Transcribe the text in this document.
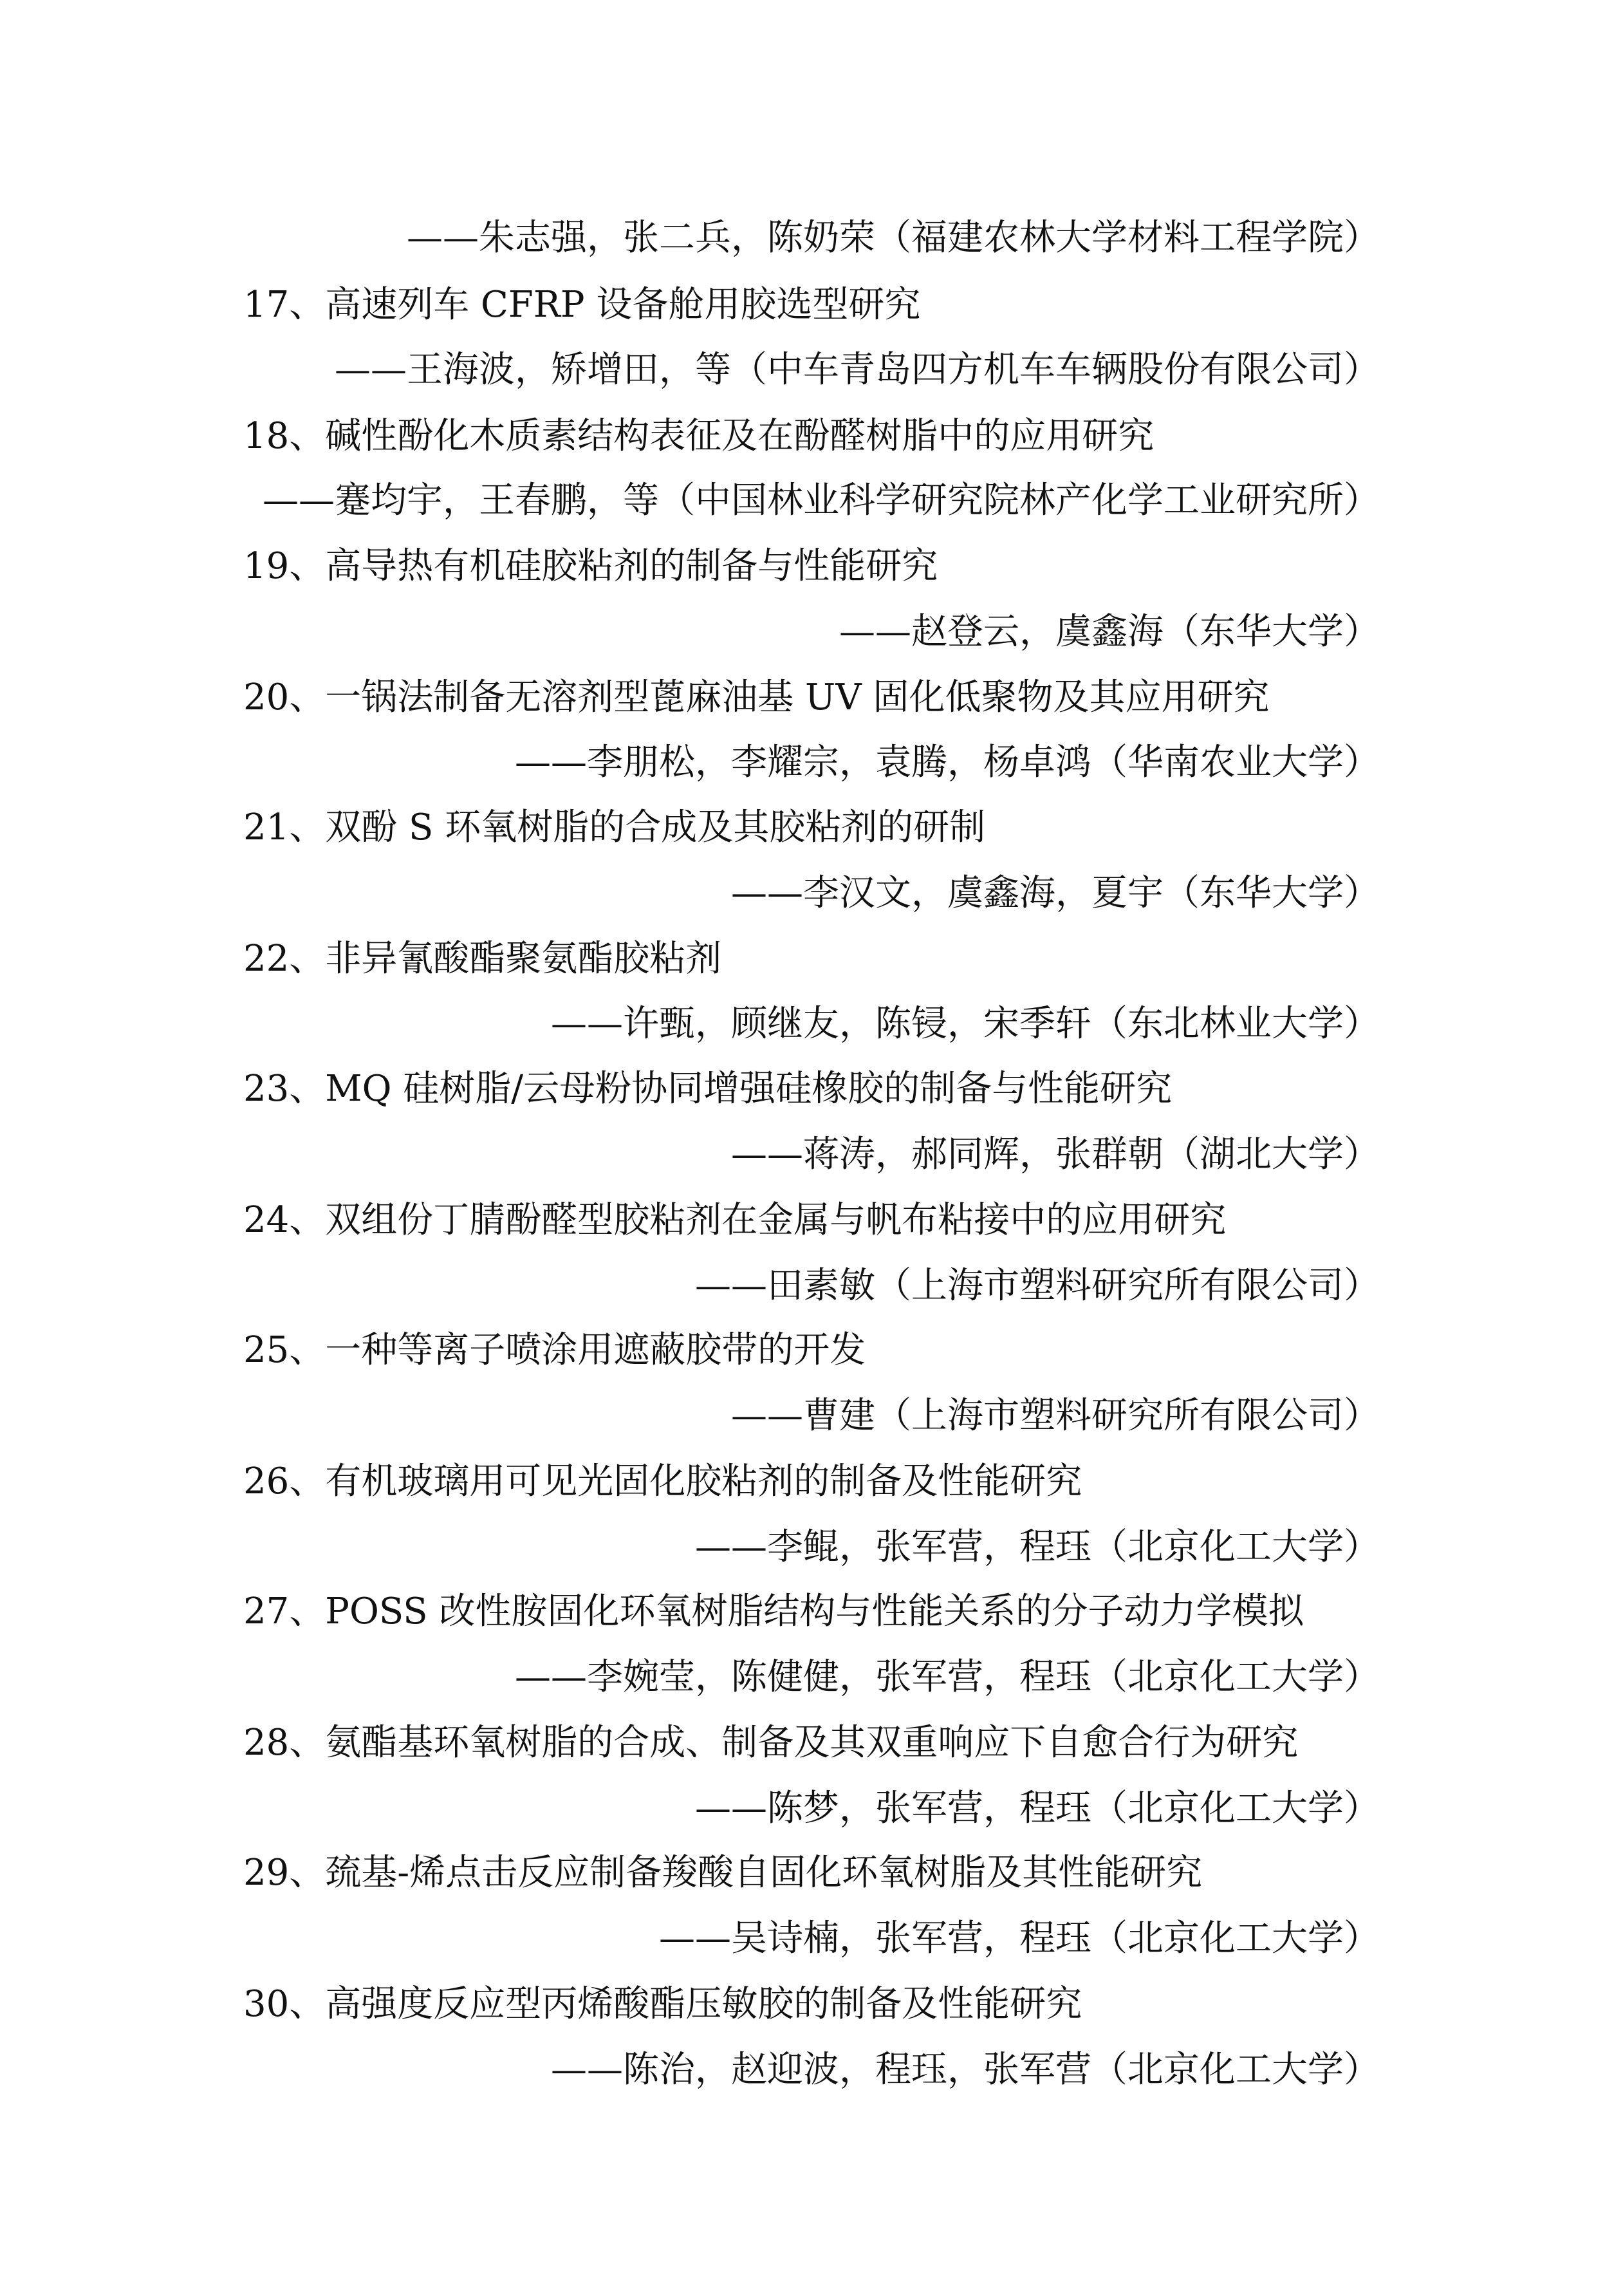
——朱志强，张二兵，陈奶荣（福建农林大学材料工程学院）
17、高速列车 CFRP 设备舱用胶选型研究
——王海波，矫增田，等（中车青岛四方机车车辆股份有限公司）
18、碱性酚化木质素结构表征及在酚醛树脂中的应用研究
——蹇均宇，王春鹏，等（中国林业科学研究院林产化学工业研究所）
19、高导热有机硅胶粘剂的制备与性能研究
——赵登云，虞鑫海（东华大学）
20、一锅法制备无溶剂型蓖麻油基 UV 固化低聚物及其应用研究
——李朋松，李耀宗，袁腾，杨卓鸿（华南农业大学）
21、双酚 S 环氧树脂的合成及其胶粘剂的研制
——李汉文，虞鑫海，夏宇（东华大学）
22、非异氰酸酯聚氨酯胶粘剂
——许甄，顾继友，陈锓，宋季轩（东北林业大学）
23、MQ 硅树脂/云母粉协同增强硅橡胶的制备与性能研究
——蒋涛，郝同辉，张群朝（湖北大学）
24、双组份丁腈酚醛型胶粘剂在金属与帆布粘接中的应用研究
——田素敏（上海市塑料研究所有限公司）
25、一种等离子喷涂用遮蔽胶带的开发
——曹建（上海市塑料研究所有限公司）
26、有机玻璃用可见光固化胶粘剂的制备及性能研究
——李鲲，张军营，程珏（北京化工大学）
27、POSS 改性胺固化环氧树脂结构与性能关系的分子动力学模拟
——李婉莹，陈健健，张军营，程珏（北京化工大学）
28、氨酯基环氧树脂的合成、制备及其双重响应下自愈合行为研究
——陈梦，张军营，程珏（北京化工大学）
29、巯基-烯点击反应制备羧酸自固化环氧树脂及其性能研究
——吴诗楠，张军营，程珏（北京化工大学）
30、高强度反应型丙烯酸酯压敏胶的制备及性能研究
——陈治，赵迎波，程珏，张军营（北京化工大学）
